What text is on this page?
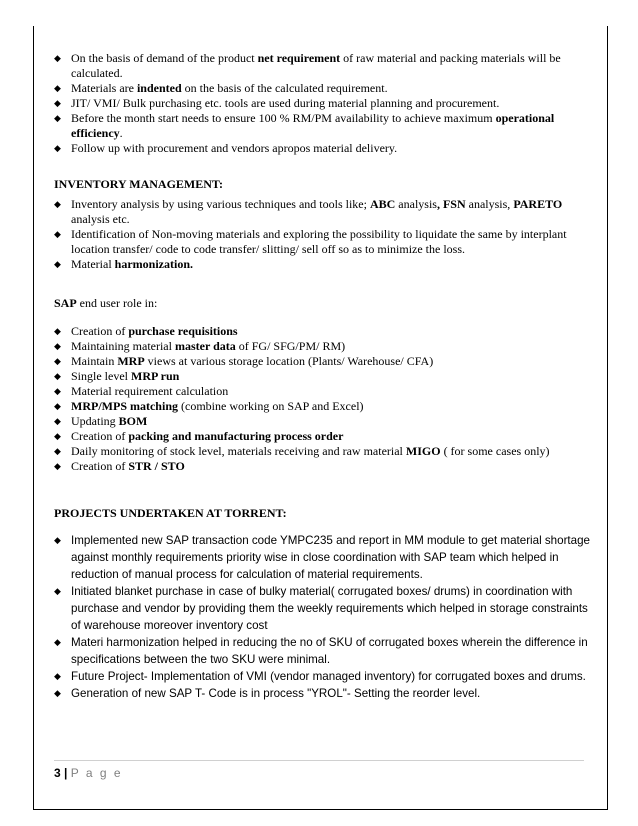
◆ On the basis of demand of the product net requirement of raw material and packing materials will be calculated.
◆ Materials are indented on the basis of the calculated requirement.
◆ JIT/ VMI/ Bulk purchasing etc. tools are used during material planning and procurement.
◆ Before the month start needs to ensure 100 % RM/PM availability to achieve maximum operational efficiency.
◆ Follow up with procurement and vendors apropos material delivery.
INVENTORY MANAGEMENT:
◆ Inventory analysis by using various techniques and tools like; ABC analysis, FSN analysis, PARETO analysis etc.
◆ Identification of Non-moving materials and exploring the possibility to liquidate the same by interplant location transfer/ code to code transfer/ slitting/ sell off so as to minimize the loss.
◆ Material harmonization.
SAP end user role in:
◆ Creation of purchase requisitions
◆ Maintaining material master data of FG/ SFG/PM/ RM)
◆ Maintain MRP views at various storage location (Plants/ Warehouse/ CFA)
◆ Single level MRP run
◆ Material requirement calculation
◆ MRP/MPS matching (combine working on SAP and Excel)
◆ Updating BOM
◆ Creation of packing and manufacturing process order
◆ Daily monitoring of stock level, materials receiving and raw material MIGO ( for some cases only)
◆ Creation of STR / STO
PROJECTS UNDERTAKEN AT TORRENT:
◆ Implemented new SAP transaction code YMPC235 and report in MM module to get material shortage against monthly requirements priority wise in close coordination with SAP team which helped in reduction of manual process for calculation of material requirements.
◆ Initiated blanket purchase in case of bulky material( corrugated boxes/ drums) in coordination with purchase and vendor by providing them the weekly requirements which helped in storage constraints of warehouse moreover inventory cost
◆ Materi harmonization helped in reducing the no of SKU of corrugated boxes wherein the difference in specifications between the two SKU were minimal.
◆ Future Project- Implementation of VMI (vendor managed inventory) for corrugated boxes and drums.
◆ Generation of new SAP T- Code is in process "YROL"- Setting the reorder level.
3 | P a g e
